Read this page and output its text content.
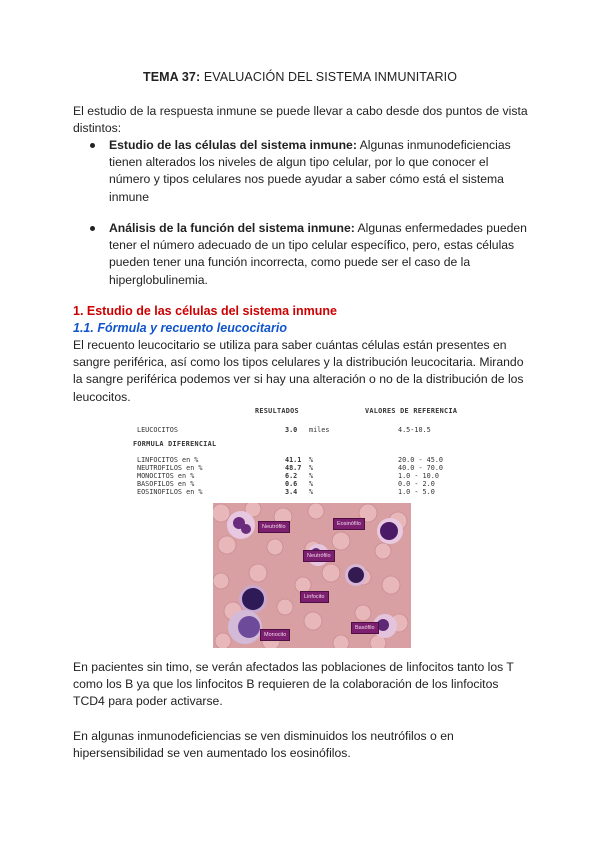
TEMA 37: EVALUACIÓN DEL SISTEMA INMUNITARIO

El estudio de la respuesta inmune se puede llevar a cabo desde dos puntos de vista distintos:

Estudio de las células del sistema inmune: Algunas inmunodeficiencias tienen alterados los niveles de algun tipo celular, por lo que conocer el número y tipos celulares nos puede ayudar a saber cómo está el sistema inmune
Análisis de la función del sistema inmune: Algunas enfermedades pueden tener el número adecuado de un tipo celular específico, pero, estas células pueden tener una función incorrecta, como puede ser el caso de la hiperglobulinemia.
1. Estudio de las células del sistema inmune
1.1. Fórmula y recuento leucocitario

El recuento leucocitario se utiliza para saber cuántas células están presentes en sangre periférica, así como los tipos celulares y la distribución leucocitaria. Mirando la sangre periférica podemos ver si hay una alteración o no de la distribución de los leucocitos.

RESULTADOS	VALORES DE REFERENCIA
LEUCOCITOS	3.0 miles	4.5-10.5
FORMULA DIFERENCIAL
LINFOCITOS en %	41.1 %	20.0 - 45.0
NEUTROFILOS en %	48.7 %	40.0 - 70.0
MONOCITOS en %	6.2 %	1.0 - 10.0
BASOFILOS en %	0.6 %	0.0 - 2.0
EOSINOFILOS en %	3.4 %	1.0 - 5.0
Neutrófilo	Eosinófilo
Neutrófilo
Linfocito
Monocito
Basófilo

En pacientes sin timo, se verán afectados las poblaciones de linfocitos tanto los T como los B ya que los linfocitos B requieren de la colaboración de los linfocitos TCD4 para poder activarse.

En algunas inmunodeficiencias se ven disminuidos los neutrófilos o en hipersensibilidad se ven aumentado los eosinófilos.
